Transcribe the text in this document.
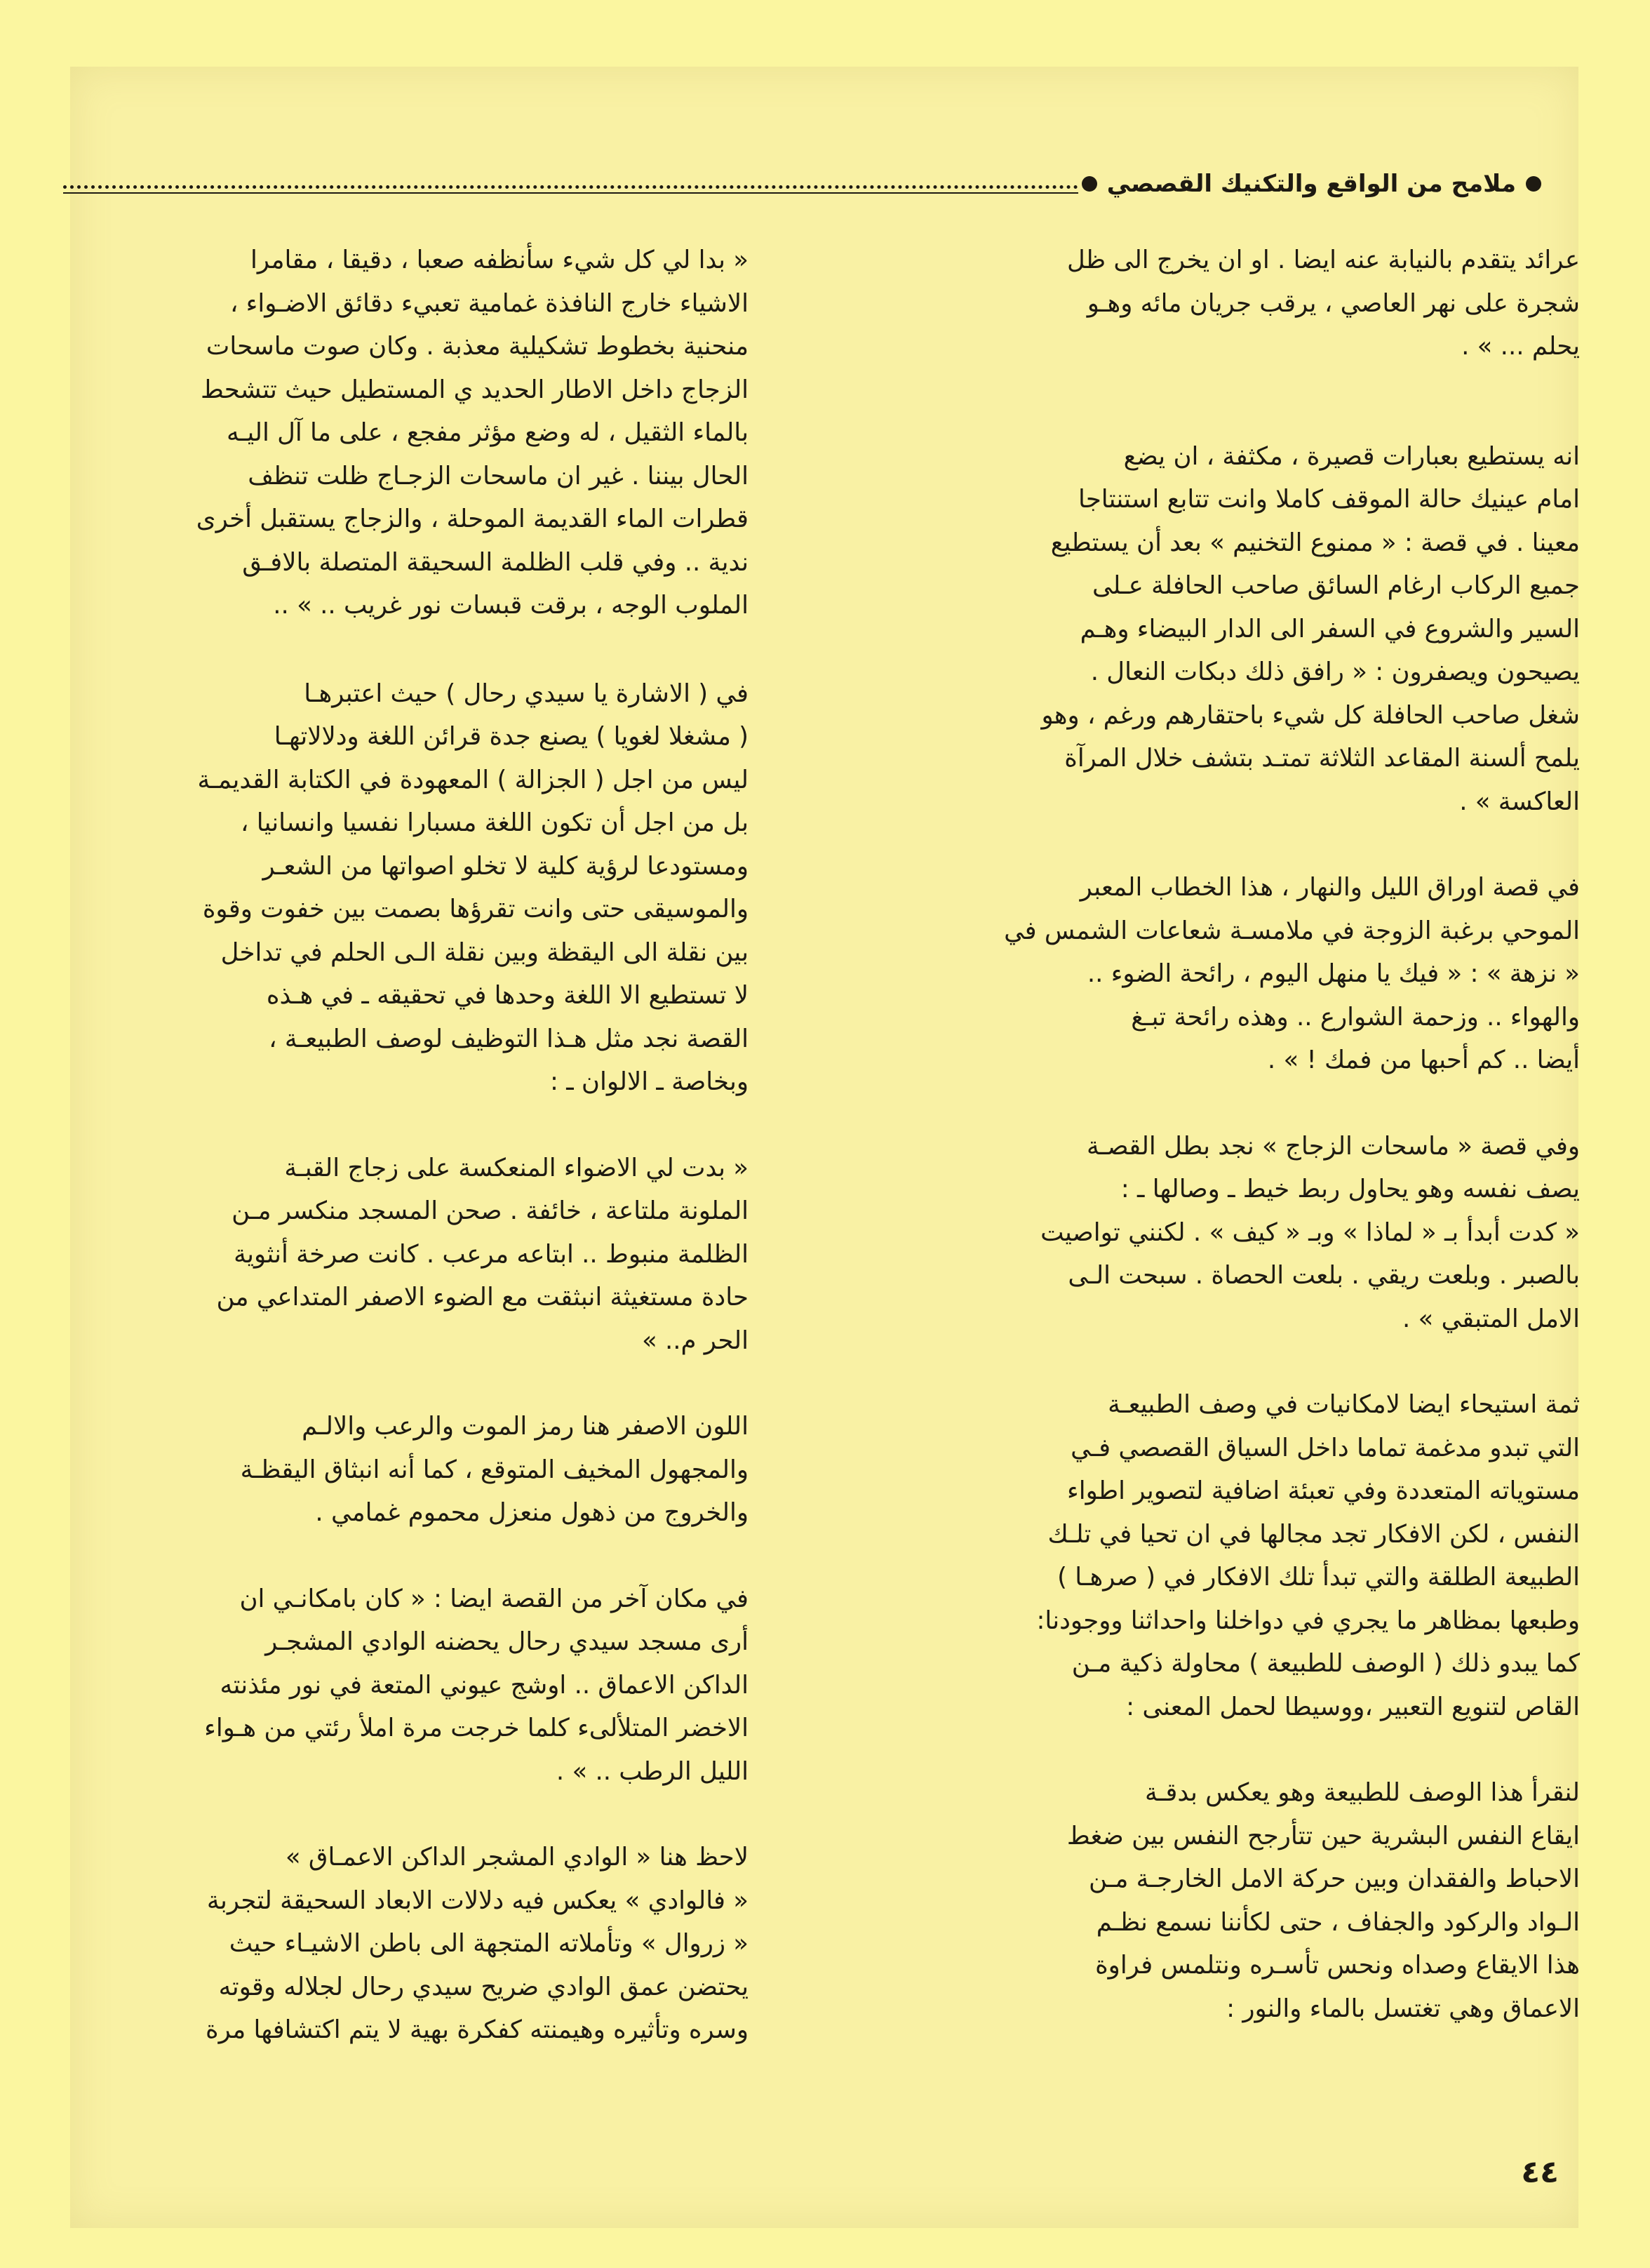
ملامح من الواقع والتكنيك القصصي

عرائد يتقدم بالنيابة عنه ايضا . او ان يخرج الى ظل
شجرة على نهر العاصي ، يرقب جريان مائه وهـو
يحلم ... » .

انه يستطيع بعبارات قصيرة ، مكثفة ، ان يضع
امام عينيك حالة الموقف كاملا وانت تتابع استنتاجا
معينا . في قصة : « ممنوع التخنيم » بعد أن يستطيع
جميع الركاب ارغام السائق صاحب الحافلة عـلى
السير والشروع في السفر الى الدار البيضاء وهـم
يصيحون ويصفرون : « رافق ذلك دبكات النعال .
شغل صاحب الحافلة كل شيء باحتقارهم ورغم ، وهو
يلمح ألسنة المقاعد الثلاثة تمتـد بتشف خلال المرآة
العاكسة » .

في قصة اوراق الليل والنهار ، هذا الخطاب المعبر
الموحي برغبة الزوجة في ملامسـة شعاعات الشمس في
« نزهة » : « فيك يا منهل اليوم ، رائحة الضوء ..
والهواء .. وزحمة الشوارع .. وهذه رائحة تبـغ
أيضا .. كم أحبها من فمك ! » .

وفي قصة « ماسحات الزجاج » نجد بطل القصـة
يصف نفسه وهو يحاول ربط خيط ـ وصالها ـ :
« كدت أبدأ بـ « لماذا » وبـ « كيف » . لكنني تواصيت
بالصبر . وبلعت ريقي . بلعت الحصاة . سبحت الـى
الامل المتبقي » .

ثمة استيحاء ايضا لامكانيات في وصف الطبيعـة
التي تبدو مدغمة تماما داخل السياق القصصي فـي
مستوياته المتعددة وفي تعبئة اضافية لتصوير اطواء
النفس ، لكن الافكار تجد مجالها في ان تحيا في تلـك
الطبيعة الطلقة والتي تبدأ تلك الافكار في ( صرهـا )
وطبعها بمظاهر ما يجري في دواخلنا واحداثنا ووجودنا:
كما يبدو ذلك ( الوصف للطبيعة ) محاولة ذكية مـن
القاص لتنويع التعبير ،ووسيطا لحمل المعنى :

لنقرأ هذا الوصف للطبيعة وهو يعكس بدقـة
ايقاع النفس البشرية حين تتأرجح النفس بين ضغط
الاحباط والفقدان وبين حركة الامل الخارجـة مـن
الـواد والركود والجفاف ، حتى لكأننا نسمع نظـم
هذا الايقاع وصداه ونحس تأسـره ونتلمس فراوة
الاعماق وهي تغتسل بالماء والنور :

« بدا لي كل شيء سأنظفه صعبا ، دقيقا ، مقامرا
الاشياء خارج النافذة غمامية تعبيء دقائق الاضـواء ،
منحنية بخطوط تشكيلية معذبة . وكان صوت ماسحات
الزجاج داخل الاطار الحديد ي المستطيل حيث تتشحط
بالماء الثقيل ، له وضع مؤثر مفجع ، على ما آل اليـه
الحال بيننا . غير ان ماسحات الزجـاج ظلت تنظف
قطرات الماء القديمة الموحلة ، والزجاج يستقبل أخرى
ندية .. وفي قلب الظلمة السحيقة المتصلة بالافـق
الملوب الوجه ، برقت قبسات نور غريب .. » ..

في ( الاشارة يا سيدي رحال ) حيث اعتبرهـا
( مشغلا لغويا ) يصنع جدة قرائن اللغة ودلالاتهـا
ليس من اجل ( الجزالة ) المعهودة في الكتابة القديمـة
بل من اجل أن تكون اللغة مسبارا نفسيا وانسانيا ،
ومستودعا لرؤية كلية لا تخلو اصواتها من الشعـر
والموسيقى حتى وانت تقرؤها بصمت بين خفوت وقوة
بين نقلة الى اليقظة وبين نقلة الـى الحلم في تداخل
لا تستطيع الا اللغة وحدها في تحقيقه ـ في هـذه
القصة نجد مثل هـذا التوظيف لوصف الطبيعـة ،
وبخاصة ـ الالوان ـ :

« بدت لي الاضواء المنعكسة على زجاج القبـة
الملونة ملتاعة ، خائفة . صحن المسجد منكسر مـن
الظلمة منبوط .. ابتاعه مرعب . كانت صرخة أنثوية
حادة مستغيثة انبثقت مع الضوء الاصفر المتداعي من
الحر م.. »

اللون الاصفر هنا رمز الموت والرعب والالـم
والمجهول المخيف المتوقع ، كما أنه انبثاق اليقظـة
والخروج من ذهول منعزل محموم غمامي .

في مكان آخر من القصة ايضا : « كان بامكانـي ان
أرى مسجد سيدي رحال يحضنه الوادي المشجـر
الداكن الاعماق .. اوشج عيوني المتعة في نور مئذنته
الاخضر المتلألىء كلما خرجت مرة املأ رئتي من هـواء
الليل الرطب .. » .

لاحظ هنا « الوادي المشجر الداكن الاعمـاق »
« فالوادي » يعكس فيه دلالات الابعاد السحيقة لتجربة
« زروال » وتأملاته المتجهة الى باطن الاشيـاء حيث
يحتضن عمق الوادي ضريح سيدي رحال لجلاله وقوته
وسره وتأثيره وهيمنته كفكرة بهية لا يتم اكتشافها مرة

٤٤
